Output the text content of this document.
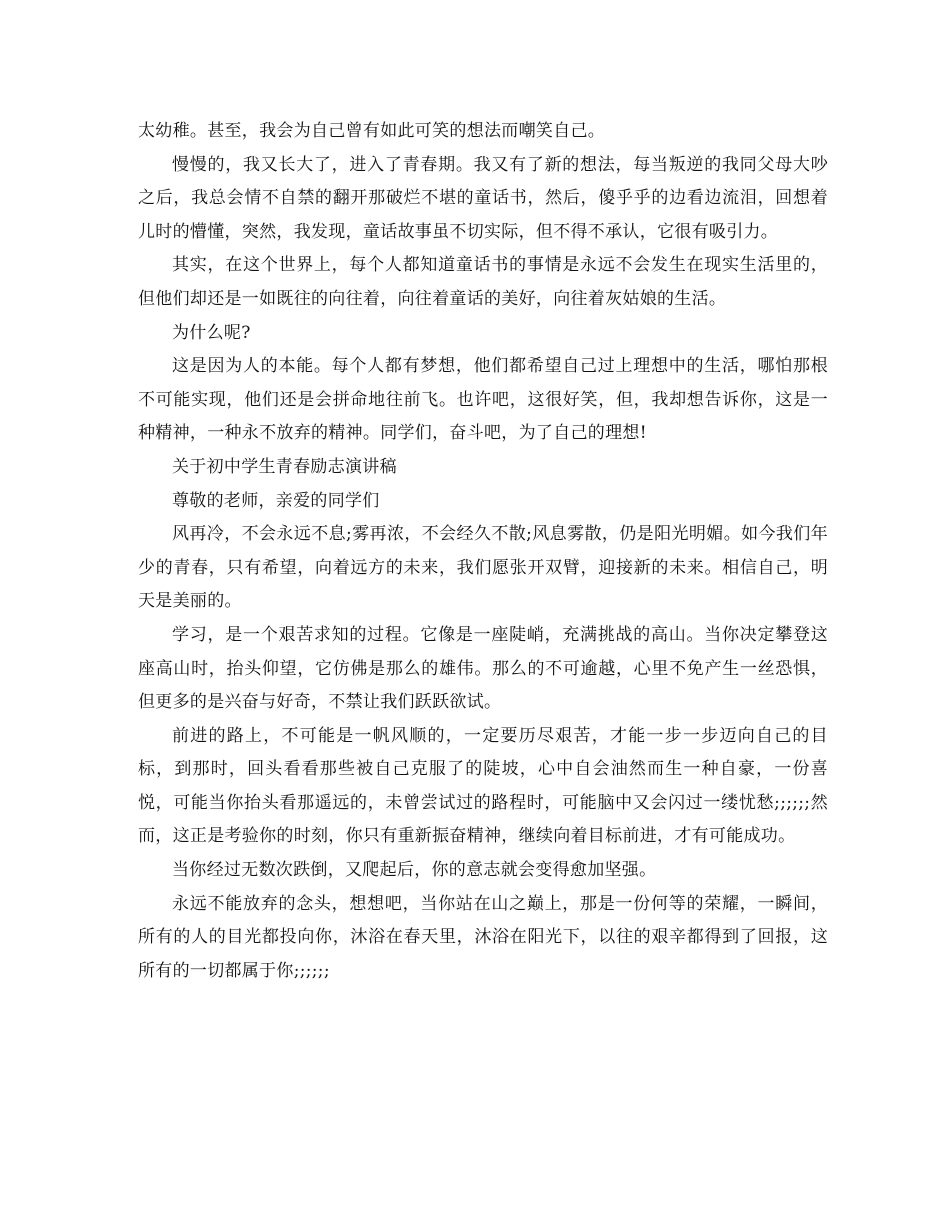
太幼稚。甚至，我会为自己曾有如此可笑的想法而嘲笑自己。

慢慢的，我又长大了，进入了青春期。我又有了新的想法，每当叛逆的我同父母大吵之后，我总会情不自禁的翻开那破烂不堪的童话书，然后，傻乎乎的边看边流泪，回想着儿时的懵懂，突然，我发现，童话故事虽不切实际，但不得不承认，它很有吸引力。

其实，在这个世界上，每个人都知道童话书的事情是永远不会发生在现实生活里的，但他们却还是一如既往的向往着，向往着童话的美好，向往着灰姑娘的生活。

为什么呢?

这是因为人的本能。每个人都有梦想，他们都希望自己过上理想中的生活，哪怕那根不可能实现，他们还是会拼命地往前飞。也许吧，这很好笑，但，我却想告诉你，这是一种精神，一种永不放弃的精神。同学们，奋斗吧，为了自己的理想!

关于初中学生青春励志演讲稿

尊敬的老师，亲爱的同学们

风再冷，不会永远不息;雾再浓，不会经久不散;风息雾散，仍是阳光明媚。如今我们年少的青春，只有希望，向着远方的未来，我们愿张开双臂，迎接新的未来。相信自己，明天是美丽的。

学习，是一个艰苦求知的过程。它像是一座陡峭，充满挑战的高山。当你决定攀登这座高山时，抬头仰望，它仿佛是那么的雄伟。那么的不可逾越，心里不免产生一丝恐惧，但更多的是兴奋与好奇，不禁让我们跃跃欲试。

前进的路上，不可能是一帆风顺的，一定要历尽艰苦，才能一步一步迈向自己的目标，到那时，回头看看那些被自己克服了的陡坡，心中自会油然而生一种自豪，一份喜悦，可能当你抬头看那遥远的，未曾尝试过的路程时，可能脑中又会闪过一缕忧愁;;;;;;然而，这正是考验你的时刻，你只有重新振奋精神，继续向着目标前进，才有可能成功。

当你经过无数次跌倒，又爬起后，你的意志就会变得愈加坚强。

永远不能放弃的念头，想想吧，当你站在山之巅上，那是一份何等的荣耀，一瞬间，所有的人的目光都投向你，沐浴在春天里，沐浴在阳光下，以往的艰辛都得到了回报，这所有的一切都属于你;;;;;;
